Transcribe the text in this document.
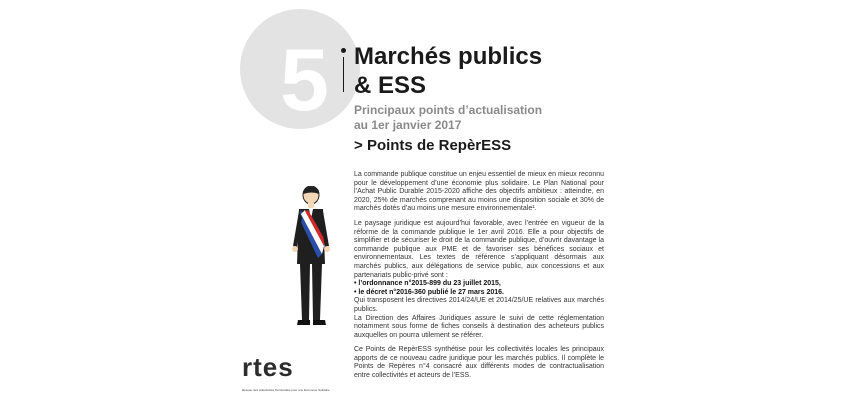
5 Marchés publics
& ESS
Principaux points d’actualisation
au 1er janvier 2017
> Points de RepèrESS

La commande publique constitue un enjeu essentiel de mieux en mieux reconnu pour le développement d’une économie plus solidaire. Le Plan National pour l’Achat Public Durable 2015-2020 affiche des objectifs ambitieux : atteindre, en 2020, 25% de marchés comprenant au moins une disposition sociale et 30% de marchés dotés d’au moins une mesure environnementale¹.

Le paysage juridique est aujourd’hui favorable, avec l’entrée en vigueur de la réforme de la commande publique le 1er avril 2016. Elle a pour objectifs de simplifier et de sécuriser le droit de la commande publique, d’ouvrir davantage la commande publique aux PME et de favoriser ses bénéfices sociaux et environnementaux. Les textes de référence s’appliquant désormais aux marchés publics, aux délégations de service public, aux concessions et aux partenariats public-privé sont :

• l’ordonnance n°2015-899 du 23 juillet 2015,
• le décret n°2016-360 publié le 27 mars 2016.
Qui transposent les directives 2014/24/UE et 2014/25/UE relatives aux marchés publics.

La Direction des Affaires Juridiques assure le suivi de cette réglementation notamment sous forme de fiches conseils à destination des acheteurs publics auxquelles on pourra utilement se référer.

Ce Points de RepèrESS synthétise pour les collectivités locales les principaux apports de ce nouveau cadre juridique pour les marchés publics. Il complète le Points de Repères n°4 consacré aux différents modes de contractualisation entre collectivités et acteurs de l’ESS.

rtes
Réseau des collectivités Territoriales pour une Economie Solidaire
